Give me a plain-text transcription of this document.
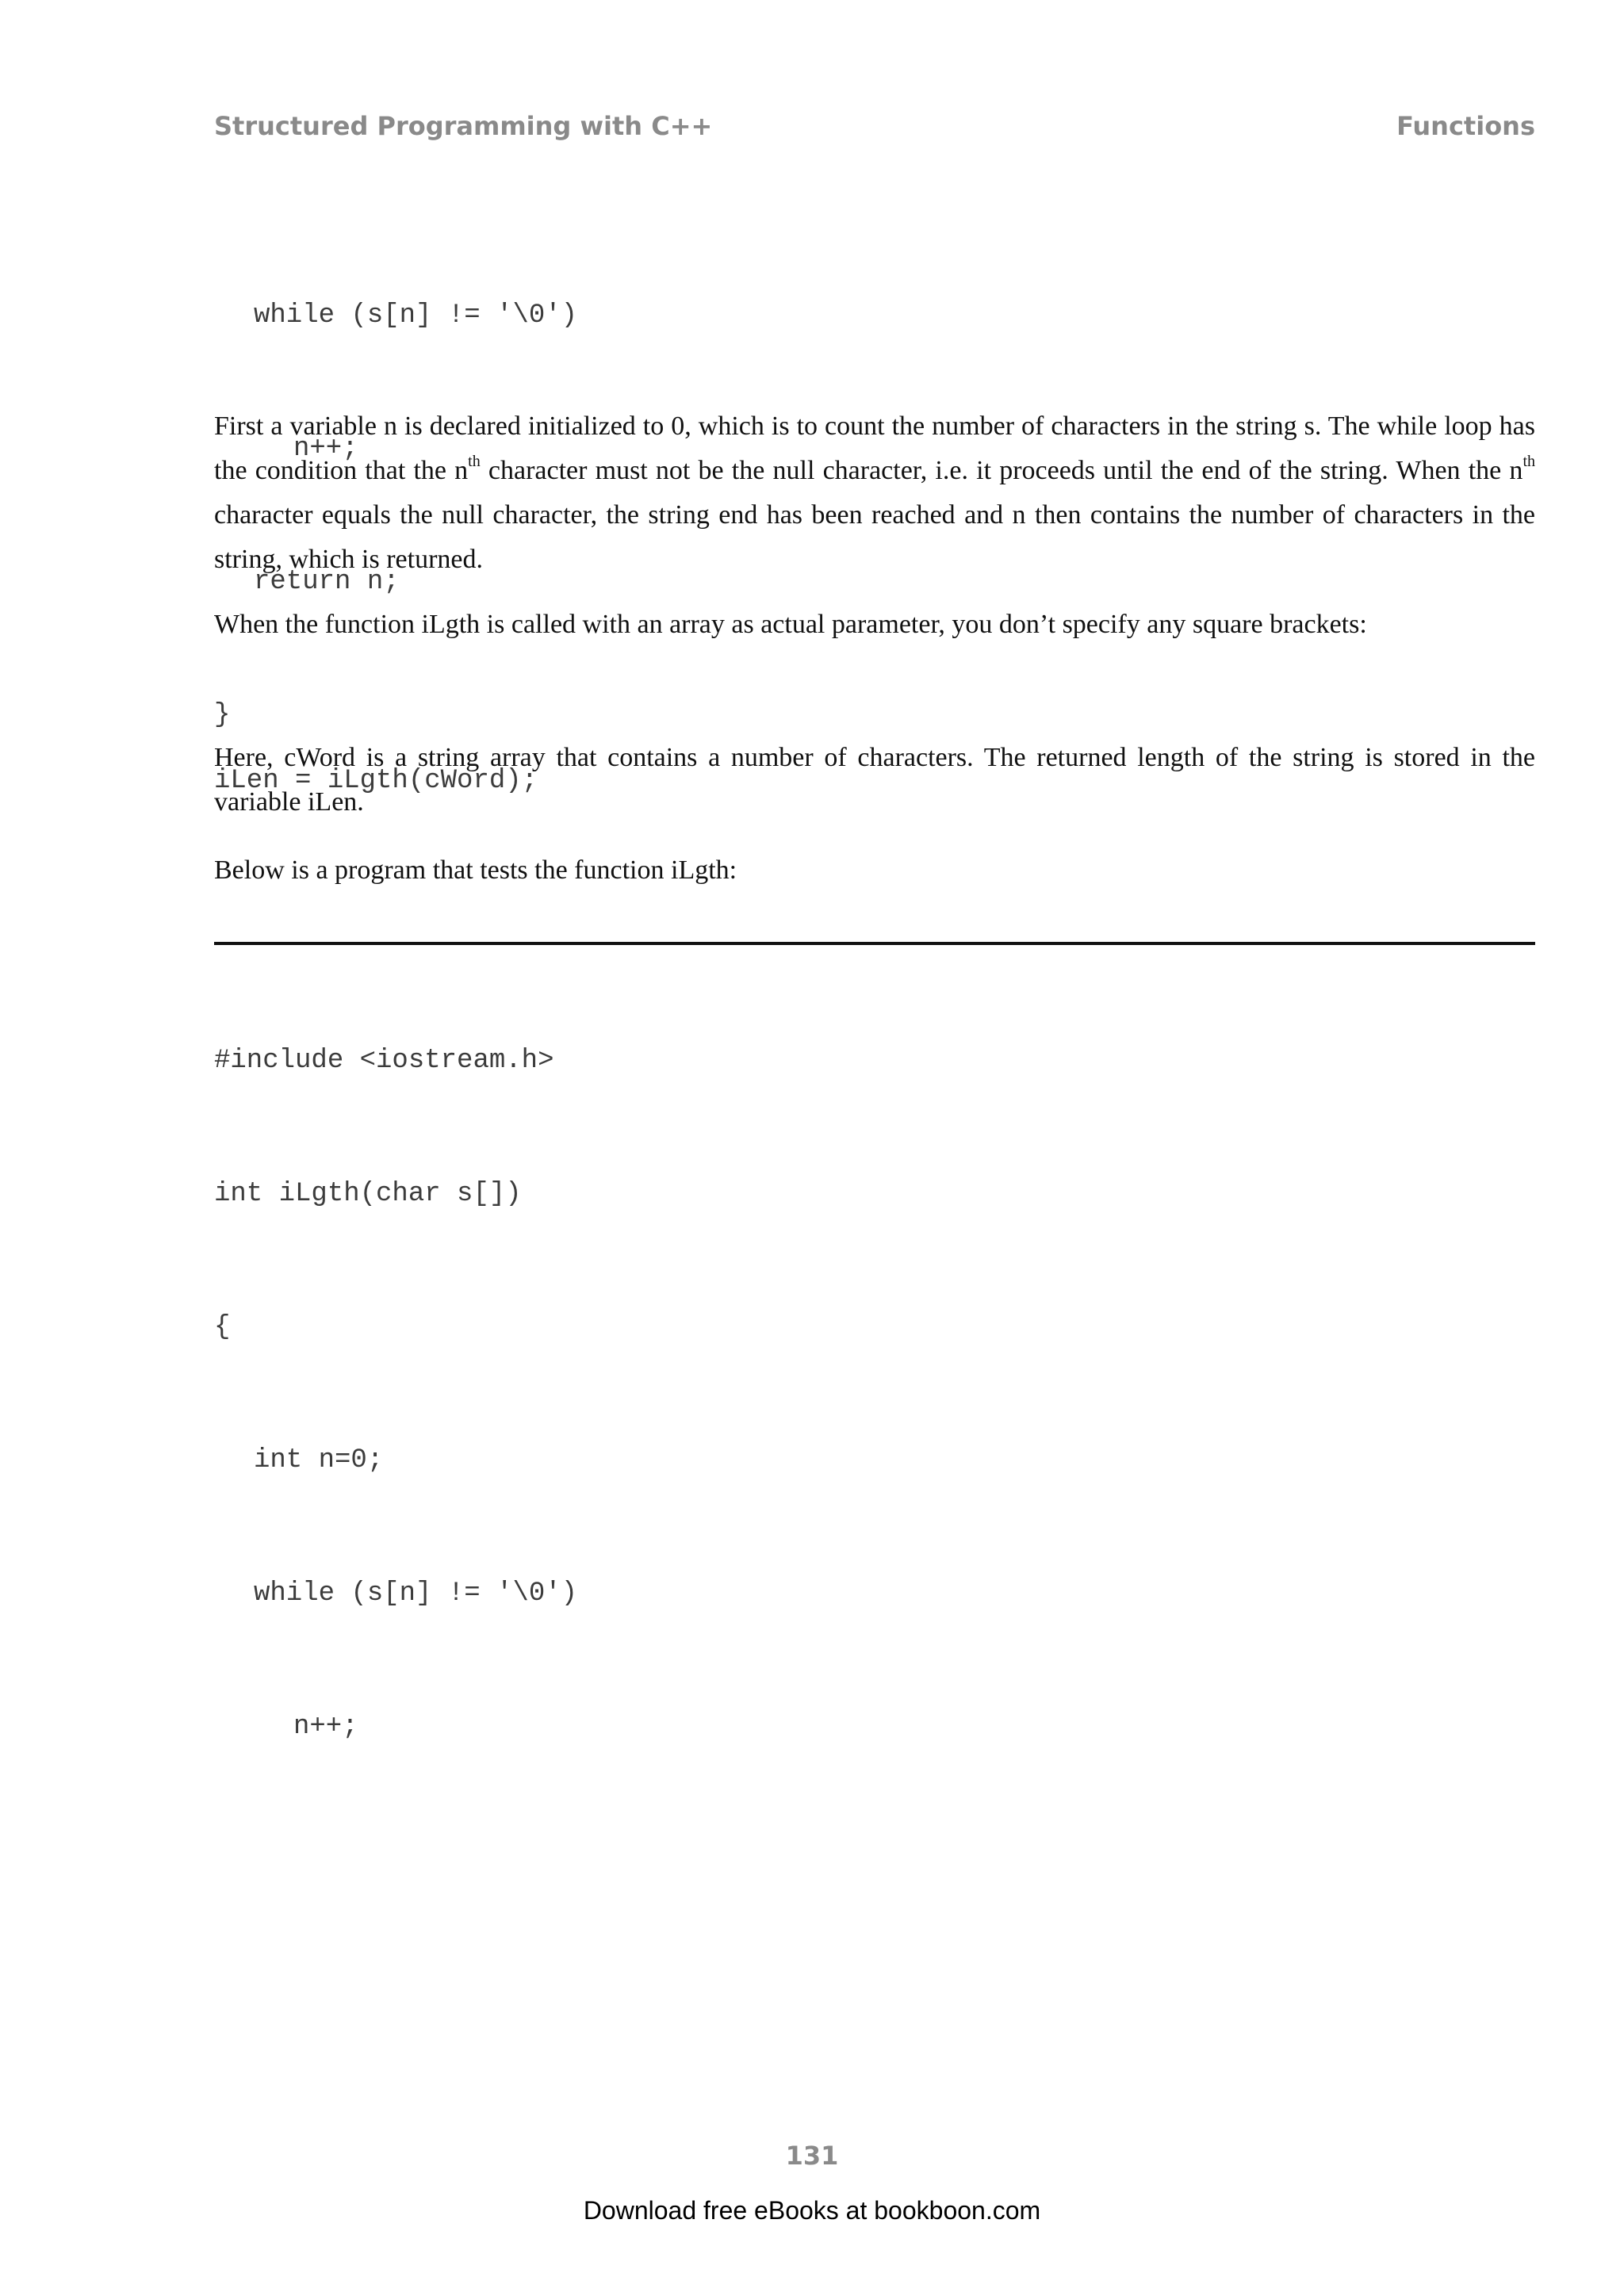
Structured Programming with C++	Functions

while (s[n] != '\0')

n++;

return n;

}

First a variable n is declared initialized to 0, which is to count the number of characters in the string s. The while loop has the condition that the $n^{th}$ character must not be the null character, i.e. it proceeds until the end of the string. When the $n^{th}$ character equals the null character, the string end has been reached and n then contains the number of characters in the string, which is returned.

When the function iLgth is called with an array as actual parameter, you don’t specify any square brackets:

iLen = iLgth(cWord);

Here, cWord is a string array that contains a number of characters. The returned length of the string is stored in the variable iLen.

Below is a program that tests the function iLgth:

#include <iostream.h>

int iLgth(char s[])

{

int n=0;

while (s[n] != '\0')

n++;

131
Download free eBooks at bookboon.com
